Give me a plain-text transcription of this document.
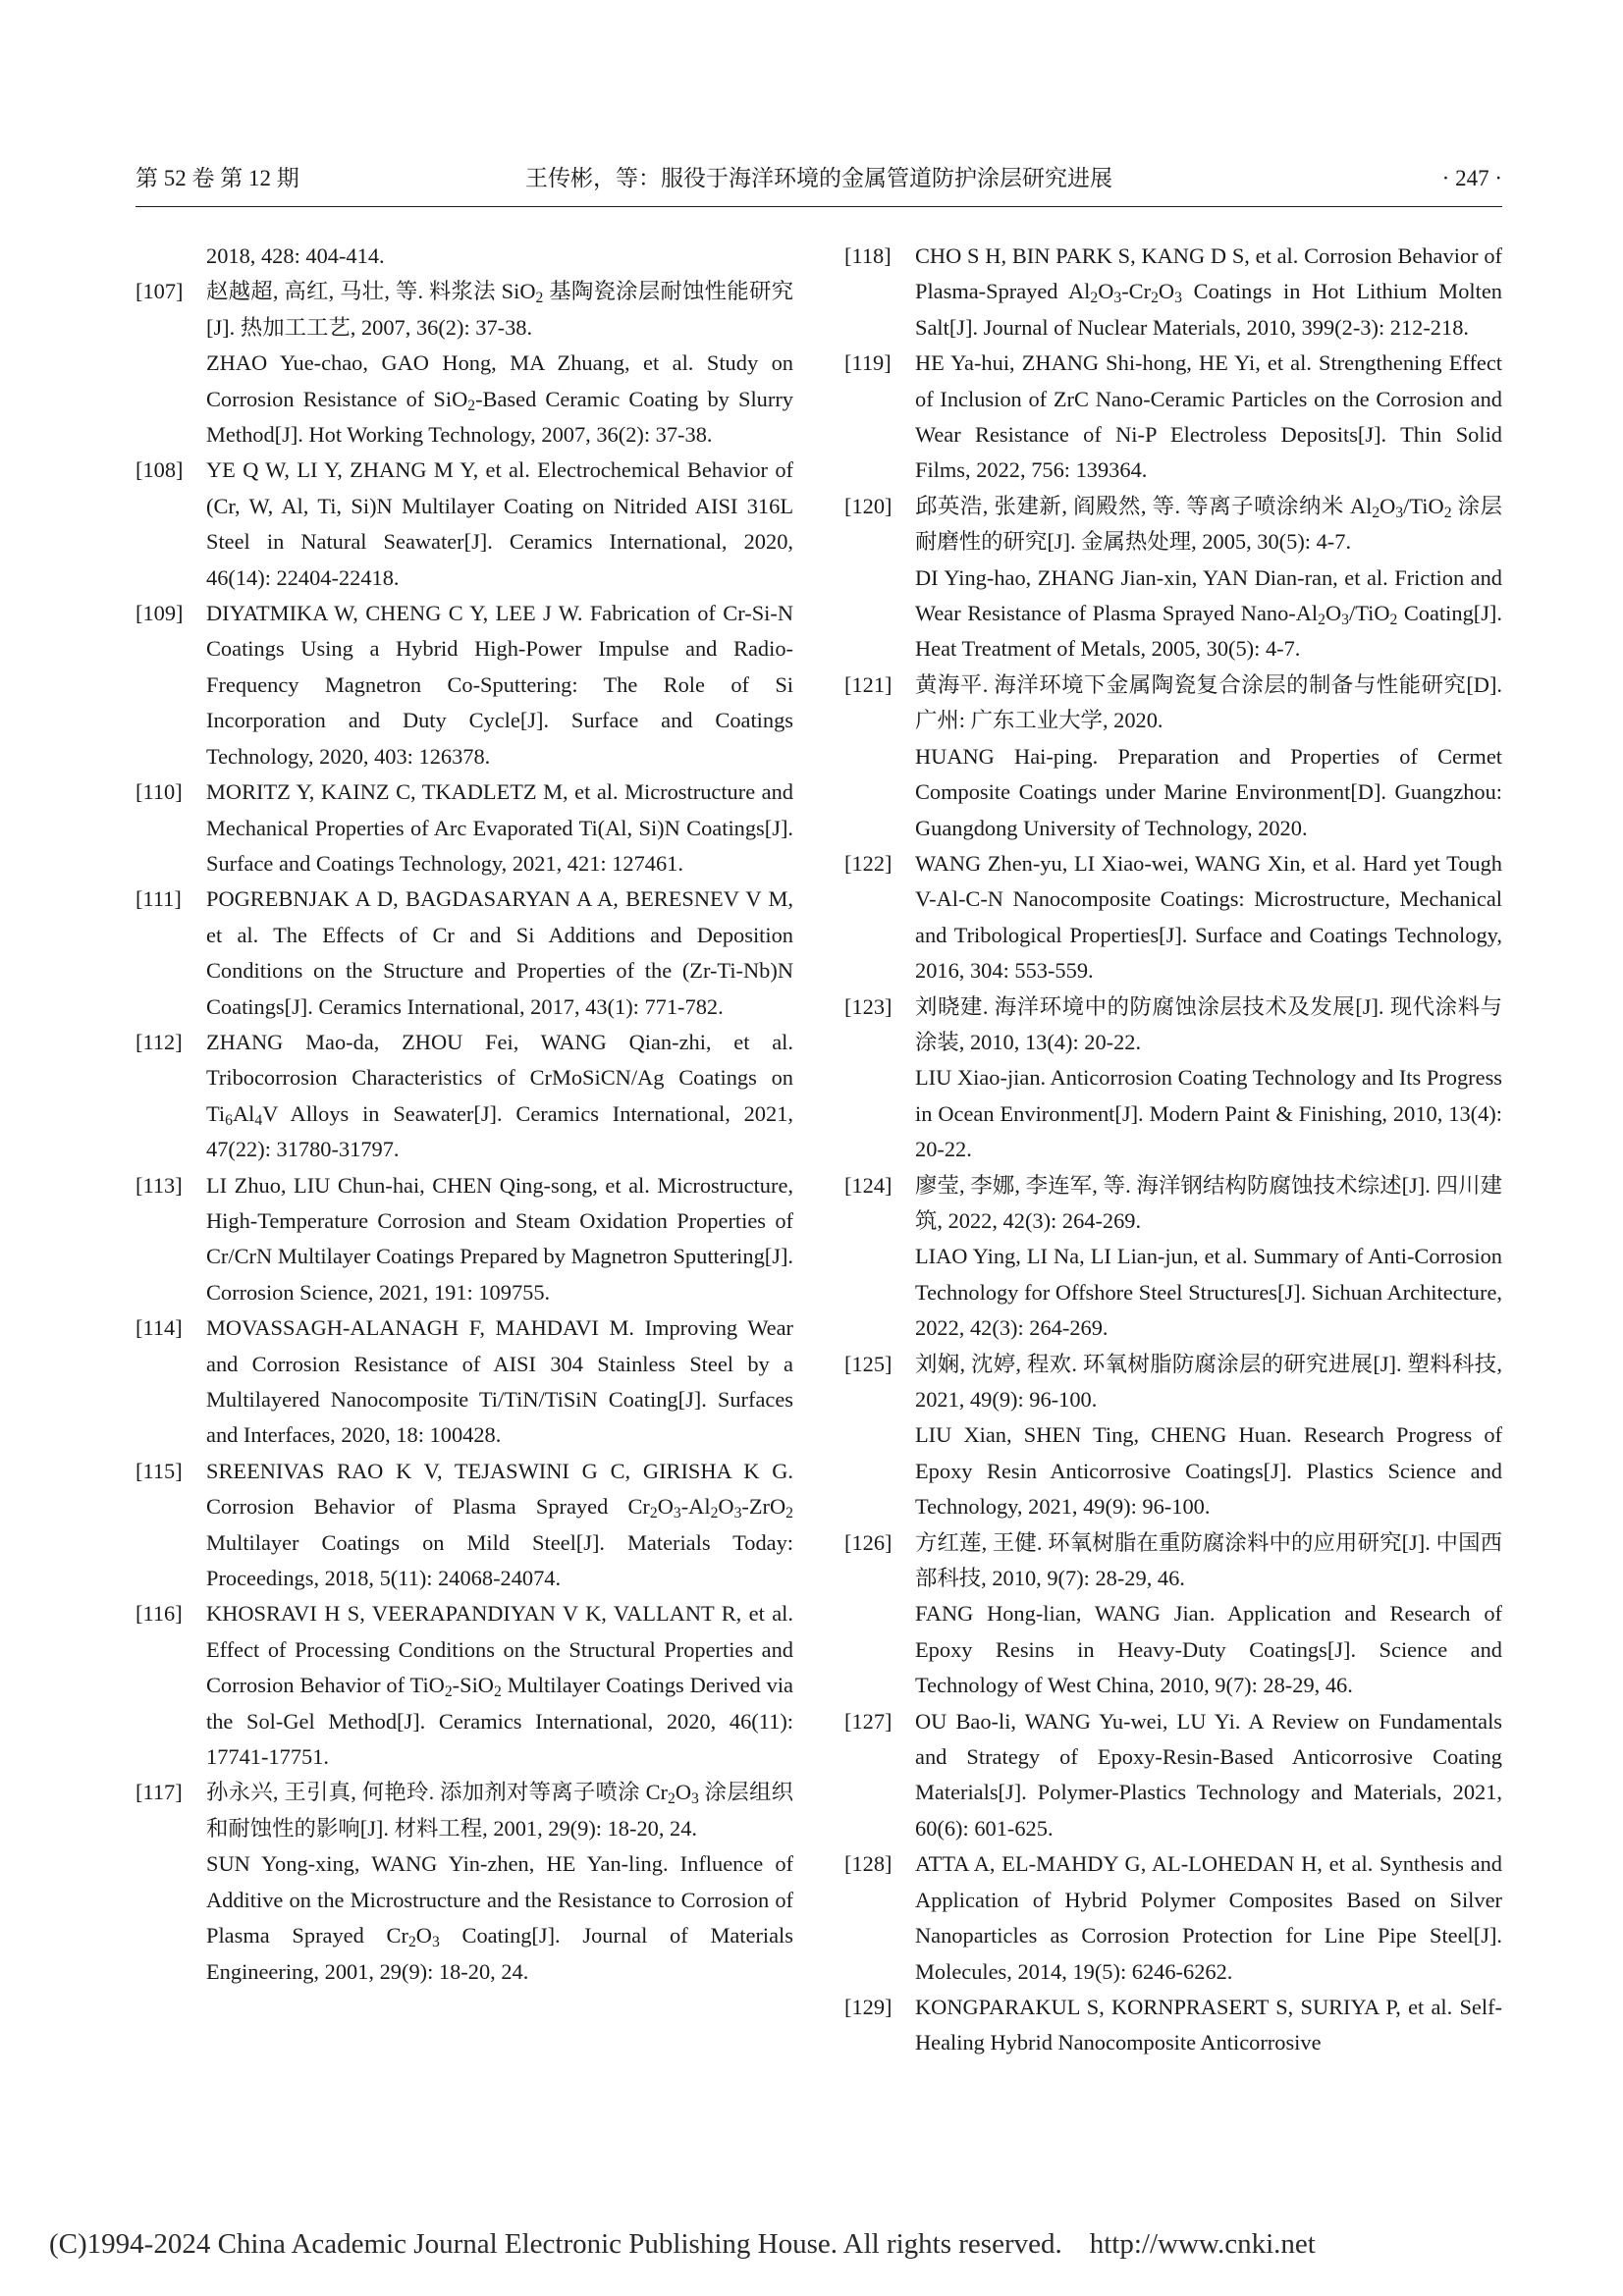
第 52 卷 第 12 期	王传彬，等：服役于海洋环境的金属管道防护涂层研究进展	· 247 ·
2018, 428: 404-414.
[107] 赵越超, 高红, 马壮, 等. 料浆法 SiO$_2$ 基陶瓷涂层耐蚀性能研究[J]. 热加工工艺, 2007, 36(2): 37-38.
ZHAO Yue-chao, GAO Hong, MA Zhuang, et al. Study on Corrosion Resistance of SiO$_2$-Based Ceramic Coating by Slurry Method[J]. Hot Working Technology, 2007, 36(2): 37-38.
[108] YE Q W, LI Y, ZHANG M Y, et al. Electrochemical Behavior of (Cr, W, Al, Ti, Si)N Multilayer Coating on Nitrided AISI 316L Steel in Natural Seawater[J]. Ceramics International, 2020, 46(14): 22404-22418.
[109] DIYATMIKA W, CHENG C Y, LEE J W. Fabrication of Cr-Si-N Coatings Using a Hybrid High-Power Impulse and Radio-Frequency Magnetron Co-Sputtering: The Role of Si Incorporation and Duty Cycle[J]. Surface and Coatings Technology, 2020, 403: 126378.
[110] MORITZ Y, KAINZ C, TKADLETZ M, et al. Microstructure and Mechanical Properties of Arc Evaporated Ti(Al, Si)N Coatings[J]. Surface and Coatings Technology, 2021, 421: 127461.
[111] POGREBNJAK A D, BAGDASARYAN A A, BERESNEV V M, et al. The Effects of Cr and Si Additions and Deposition Conditions on the Structure and Properties of the (Zr-Ti-Nb)N Coatings[J]. Ceramics International, 2017, 43(1): 771-782.
[112] ZHANG Mao-da, ZHOU Fei, WANG Qian-zhi, et al. Tribocorrosion Characteristics of CrMoSiCN/Ag Coatings on $Ti_6Al_4V$ Alloys in Seawater[J]. Ceramics International, 2021, 47(22): 31780-31797.
[113] LI Zhuo, LIU Chun-hai, CHEN Qing-song, et al. Microstructure, High-Temperature Corrosion and Steam Oxidation Properties of Cr/CrN Multilayer Coatings Prepared by Magnetron Sputtering[J]. Corrosion Science, 2021, 191: 109755.
[114] MOVASSAGH-ALANAGH F, MAHDAVI M. Improving Wear and Corrosion Resistance of AISI 304 Stainless Steel by a Multilayered Nanocomposite Ti/TiN/TiSiN Coating[J]. Surfaces and Interfaces, 2020, 18: 100428.
[115] SREENIVAS RAO K V, TEJASWINI G C, GIRISHA K G. Corrosion Behavior of Plasma Sprayed $Cr_2O_3-Al_2O_3-ZrO_2$ Multilayer Coatings on Mild Steel[J]. Materials Today: Proceedings, 2018, 5(11): 24068-24074.
[116] KHOSRAVI H S, VEERAPANDIYAN V K, VALLANT R, et al. Effect of Processing Conditions on the Structural Properties and Corrosion Behavior of TiO$_2$-SiO$_2$ Multilayer Coatings Derived via the Sol-Gel Method[J]. Ceramics International, 2020, 46(11): 17741-17751.
[117] 孙永兴, 王引真, 何艳玲. 添加剂对等离子喷涂 $Cr_2O_3$ 涂层组织和耐蚀性的影响[J]. 材料工程, 2001, 29(9): 18-20, 24.
SUN Yong-xing, WANG Yin-zhen, HE Yan-ling. Influence of Additive on the Microstructure and the Resistance to Corrosion of Plasma Sprayed $Cr_2O_3$ Coating[J]. Journal of Materials Engineering, 2001, 29(9): 18-20, 24.
[118] CHO S H, BIN PARK S, KANG D S, et al. Corrosion Behavior of Plasma-Sprayed $Al_2O_3-Cr_2O_3$ Coatings in Hot Lithium Molten Salt[J]. Journal of Nuclear Materials, 2010, 399(2-3): 212-218.
[119] HE Ya-hui, ZHANG Shi-hong, HE Yi, et al. Strengthening Effect of Inclusion of ZrC Nano-Ceramic Particles on the Corrosion and Wear Resistance of Ni-P Electroless Deposits[J]. Thin Solid Films, 2022, 756: 139364.
[120] 邱英浩, 张建新, 阎殿然, 等. 等离子喷涂纳米 $Al_2O_3/TiO_2$ 涂层耐磨性的研究[J]. 金属热处理, 2005, 30(5): 4-7.
DI Ying-hao, ZHANG Jian-xin, YAN Dian-ran, et al. Friction and Wear Resistance of Plasma Sprayed Nano-$Al_2O_3/TiO_2$ Coating[J]. Heat Treatment of Metals, 2005, 30(5): 4-7.
[121] 黄海平. 海洋环境下金属陶瓷复合涂层的制备与性能研究[D]. 广州: 广东工业大学, 2020.
HUANG Hai-ping. Preparation and Properties of Cermet Composite Coatings under Marine Environment[D]. Guangzhou: Guangdong University of Technology, 2020.
[122] WANG Zhen-yu, LI Xiao-wei, WANG Xin, et al. Hard yet Tough V-Al-C-N Nanocomposite Coatings: Microstructure, Mechanical and Tribological Properties[J]. Surface and Coatings Technology, 2016, 304: 553-559.
[123] 刘晓建. 海洋环境中的防腐蚀涂层技术及发展[J]. 现代涂料与涂装, 2010, 13(4): 20-22.
LIU Xiao-jian. Anticorrosion Coating Technology and Its Progress in Ocean Environment[J]. Modern Paint & Finishing, 2010, 13(4): 20-22.
[124] 廖莹, 李娜, 李连军, 等. 海洋钢结构防腐蚀技术综述[J]. 四川建筑, 2022, 42(3): 264-269.
LIAO Ying, LI Na, LI Lian-jun, et al. Summary of Anti-Corrosion Technology for Offshore Steel Structures[J]. Sichuan Architecture, 2022, 42(3): 264-269.
[125] 刘娴, 沈婷, 程欢. 环氧树脂防腐涂层的研究进展[J]. 塑料科技, 2021, 49(9): 96-100.
LIU Xian, SHEN Ting, CHENG Huan. Research Progress of Epoxy Resin Anticorrosive Coatings[J]. Plastics Science and Technology, 2021, 49(9): 96-100.
[126] 方红莲, 王健. 环氧树脂在重防腐涂料中的应用研究[J]. 中国西部科技, 2010, 9(7): 28-29, 46.
FANG Hong-lian, WANG Jian. Application and Research of Epoxy Resins in Heavy-Duty Coatings[J]. Science and Technology of West China, 2010, 9(7): 28-29, 46.
[127] OU Bao-li, WANG Yu-wei, LU Yi. A Review on Fundamentals and Strategy of Epoxy-Resin-Based Anticorrosive Coating Materials[J]. Polymer-Plastics Technology and Materials, 2021, 60(6): 601-625.
[128] ATTA A, EL-MAHDY G, AL-LOHEDAN H, et al. Synthesis and Application of Hybrid Polymer Composites Based on Silver Nanoparticles as Corrosion Protection for Line Pipe Steel[J]. Molecules, 2014, 19(5): 6246-6262.
[129] KONGPARAKUL S, KORNPRASERT S, SURIYA P, et al. Self-Healing Hybrid Nanocomposite Anticorrosive
(C)1994-2024 China Academic Journal Electronic Publishing House. All rights reserved. http://www.cnki.net
